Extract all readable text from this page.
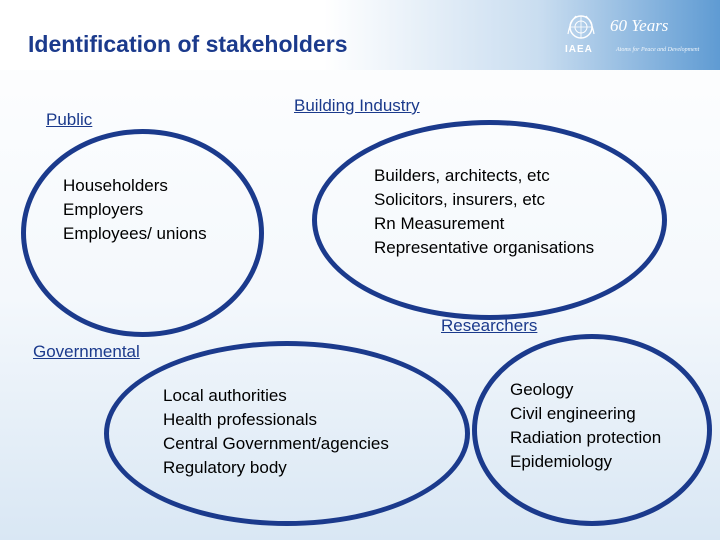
Identification of stakeholders
60 Years
IAEA	Atoms for Peace and Development
Public
Householders
Employers
Employees/ unions
Building Industry
Builders, architects, etc
Solicitors, insurers, etc
Rn Measurement
Representative organisations
Governmental
Local authorities
Health professionals
Central Government/agencies
Regulatory body
Researchers
Geology
Civil engineering
Radiation protection
Epidemiology
